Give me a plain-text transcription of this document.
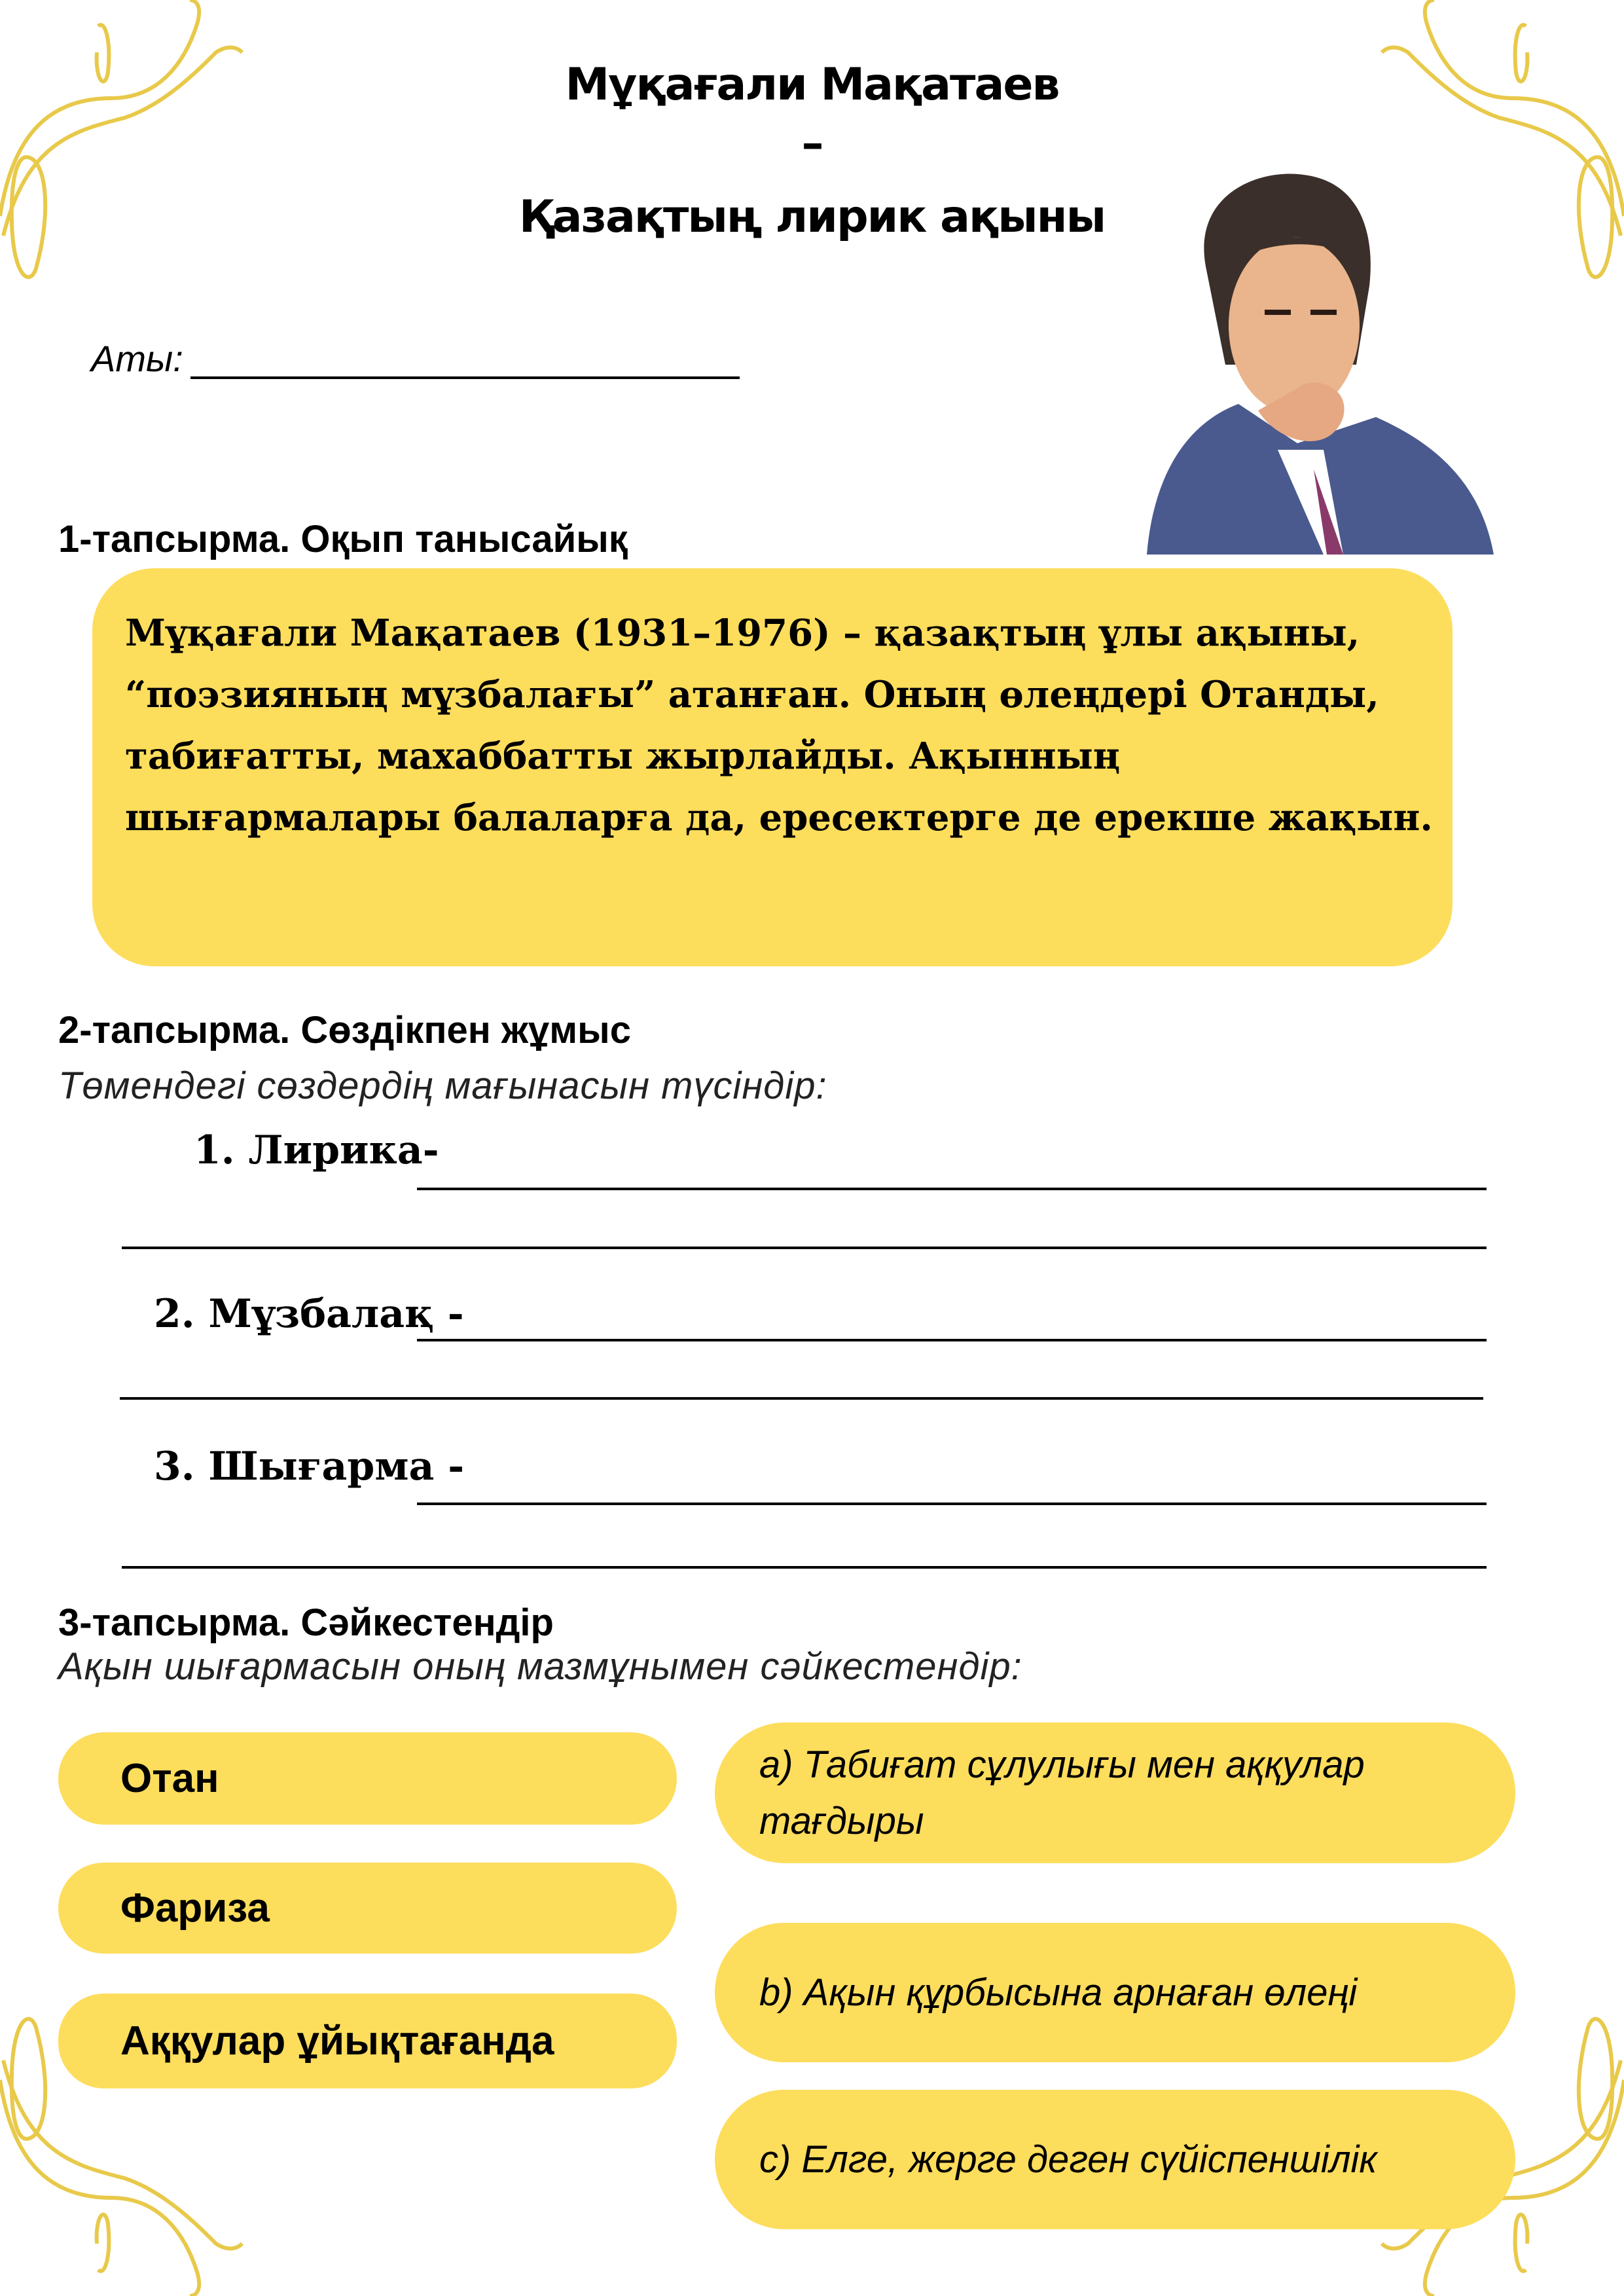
Мұқағали Мақатаев
–
Қазақтың лирик ақыны
Аты:
1-тапсырма. Оқып танысайық

Мұқағали Мақатаев (1931–1976) – қазақтың ұлы ақыны, “поэзияның мұзбалағы” атанған. Оның өлеңдері Отанды, табиғатты, махаббатты жырлайды. Ақынның шығармалары балаларға да, ересектерге де ерекше жақын.

2-тапсырма. Сөздікпен жұмыс
Төмендегі сөздердің мағынасын түсіндір:
1. Лирика-
2. Мұзбалақ -
3. Шығарма -
3-тапсырма. Сәйкестендір
Ақын шығармасын оның мазмұнымен сәйкестендір:
Отан
Фариза
Аққулар ұйықтағанда
a) Табиғат сұлулығы мен аққулар тағдыры
b) Ақын құрбысына арнаған өлеңі
c) Елге, жерге деген сүйіспеншілік
